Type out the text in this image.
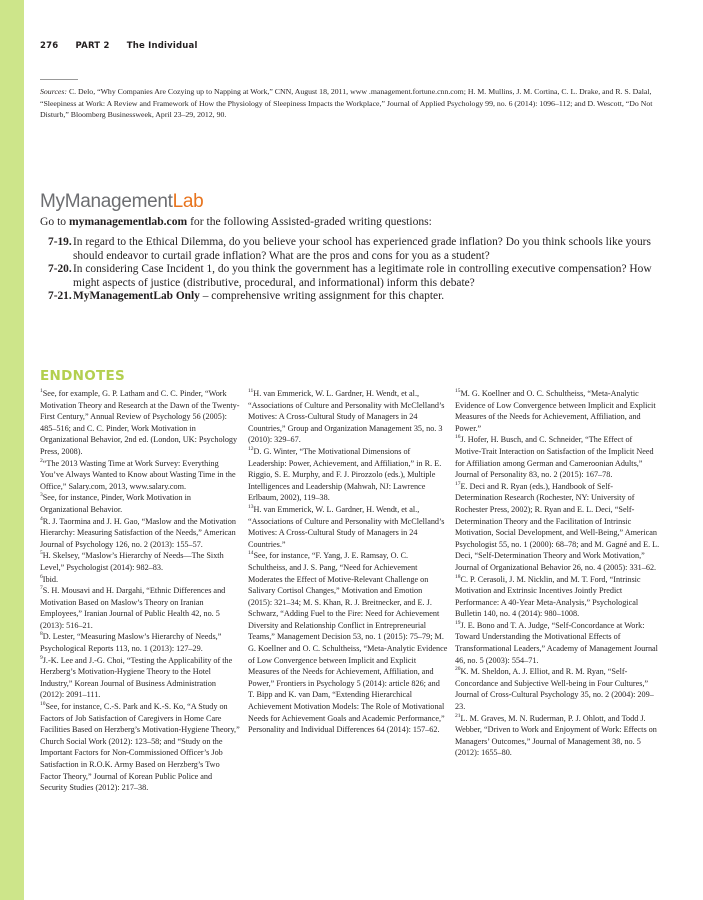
276 PART 2 The Individual
Sources: C. Delo, “Why Companies Are Cozying up to Napping at Work,” CNN, August 18, 2011, www .management.fortune.cnn.com; H. M. Mullins, J. M. Cortina, C. L. Drake, and R. S. Dalal, “Sleepiness at Work: A Review and Framework of How the Physiology of Sleepiness Impacts the Workplace,” Journal of Applied Psychology 99, no. 6 (2014): 1096–112; and D. Wescott, “Do Not Disturb,” Bloomberg Businessweek, April 23–29, 2012, 90.
MyManagementLab
Go to mymanagementlab.com for the following Assisted-graded writing questions:
7-19. In regard to the Ethical Dilemma, do you believe your school has experienced grade inflation? Do you think schools like yours should endeavor to curtail grade inflation? What are the pros and cons for you as a student?
7-20. In considering Case Incident 1, do you think the government has a legitimate role in controlling executive compensation? How might aspects of justice (distributive, procedural, and informational) inform this debate?
7-21. MyManagementLab Only – comprehensive writing assignment for this chapter.
ENDNOTES
$^1$See, for example, G. P. Latham and C. C. Pinder, “Work Motivation Theory and Research at the Dawn of the Twenty-First Century,” Annual Review of Psychology 56 (2005): 485–516; and C. C. Pinder, Work Motivation in Organizational Behavior, 2nd ed. (London, UK: Psychology Press, 2008).
$^2$“The 2013 Wasting Time at Work Survey: Everything You’ve Always Wanted to Know about Wasting Time in the Office,” Salary.com, 2013, www.salary.com.
$^3$See, for instance, Pinder, Work Motivation in Organizational Behavior.
$^4$R. J. Taormina and J. H. Gao, “Maslow and the Motivation Hierarchy: Measuring Satisfaction of the Needs,” American Journal of Psychology 126, no. 2 (2013): 155–57.
$^5$H. Skelsey, “Maslow’s Hierarchy of Needs—The Sixth Level,” Psychologist (2014): 982–83.
$^6$Ibid.
$^7$S. H. Mousavi and H. Dargahi, “Ethnic Differences and Motivation Based on Maslow’s Theory on Iranian Employees,” Iranian Journal of Public Health 42, no. 5 (2013): 516–21.
$^8$D. Lester, “Measuring Maslow’s Hierarchy of Needs,” Psychological Reports 113, no. 1 (2013): 127–29.
$^9$J.-K. Lee and J.-G. Choi, “Testing the Applicability of the Herzberg’s Motivation-Hygiene Theory to the Hotel Industry,” Korean Journal of Business Administration (2012): 2091–111.
$^{10}$See, for instance, C.-S. Park and K.-S. Ko, “A Study on Factors of Job Satisfaction of Caregivers in Home Care Facilities Based on Herzberg’s Motivation-Hygiene Theory,” Church Social Work (2012): 123–58; and “Study on the Important Factors for Non-Commissioned Officer’s Job Satisfaction in R.O.K. Army Based on Herzberg’s Two Factor Theory,” Journal of Korean Public Police and Security Studies (2012): 217–38.
$^{11}$H. van Emmerick, W. L. Gardner, H. Wendt, et al., “Associations of Culture and Personality with McClelland’s Motives: A Cross-Cultural Study of Managers in 24 Countries,” Group and Organization Management 35, no. 3 (2010): 329–67.
$^{12}$D. G. Winter, “The Motivational Dimensions of Leadership: Power, Achievement, and Affiliation,” in R. E. Riggio, S. E. Murphy, and F. J. Pirozzolo (eds.), Multiple Intelligences and Leadership (Mahwah, NJ: Lawrence Erlbaum, 2002), 119–38.
$^{13}$H. van Emmerick, W. L. Gardner, H. Wendt, et al., “Associations of Culture and Personality with McClelland’s Motives: A Cross-Cultural Study of Managers in 24 Countries.”
$^{14}$See, for instance, “F. Yang, J. E. Ramsay, O. C. Schultheiss, and J. S. Pang, “Need for Achievement Moderates the Effect of Motive-Relevant Challenge on Salivary Cortisol Changes,” Motivation and Emotion (2015): 321–34; M. S. Khan, R. J. Breitnecker, and E. J. Schwarz, “Adding Fuel to the Fire: Need for Achievement Diversity and Relationship Conflict in Entrepreneurial Teams,” Management Decision 53, no. 1 (2015): 75–79; M. G. Koellner and O. C. Schultheiss, “Meta-Analytic Evidence of Low Convergence between Implicit and Explicit Measures of the Needs for Achievement, Affiliation, and Power,” Frontiers in Psychology 5 (2014): article 826; and T. Bipp and K. van Dam, “Extending Hierarchical Achievement Motivation Models: The Role of Motivational Needs for Achievement Goals and Academic Performance,” Personality and Individual Differences 64 (2014): 157–62.
$^{15}$M. G. Koellner and O. C. Schultheiss, “Meta-Analytic Evidence of Low Convergence between Implicit and Explicit Measures of the Needs for Achievement, Affiliation, and Power.”
$^{16}$J. Hofer, H. Busch, and C. Schneider, “The Effect of Motive-Trait Interaction on Satisfaction of the Implicit Need for Affiliation among German and Cameroonian Adults,” Journal of Personality 83, no. 2 (2015): 167–78.
$^{17}$E. Deci and R. Ryan (eds.), Handbook of Self-Determination Research (Rochester, NY: University of Rochester Press, 2002); R. Ryan and E. L. Deci, “Self-Determination Theory and the Facilitation of Intrinsic Motivation, Social Development, and Well-Being,” American Psychologist 55, no. 1 (2000): 68–78; and M. Gagné and E. L. Deci, “Self-Determination Theory and Work Motivation,” Journal of Organizational Behavior 26, no. 4 (2005): 331–62.
$^{18}$C. P. Cerasoli, J. M. Nicklin, and M. T. Ford, “Intrinsic Motivation and Extrinsic Incentives Jointly Predict Performance: A 40-Year Meta-Analysis,” Psychological Bulletin 140, no. 4 (2014): 980–1008.
$^{19}$J. E. Bono and T. A. Judge, “Self-Concordance at Work: Toward Understanding the Motivational Effects of Transformational Leaders,” Academy of Management Journal 46, no. 5 (2003): 554–71.
$^{20}$K. M. Sheldon, A. J. Elliot, and R. M. Ryan, “Self-Concordance and Subjective Well-being in Four Cultures,” Journal of Cross-Cultural Psychology 35, no. 2 (2004): 209–23.
$^{21}$L. M. Graves, M. N. Ruderman, P. J. Ohlott, and Todd J. Webber, “Driven to Work and Enjoyment of Work: Effects on Managers’ Outcomes,” Journal of Management 38, no. 5 (2012): 1655–80.
